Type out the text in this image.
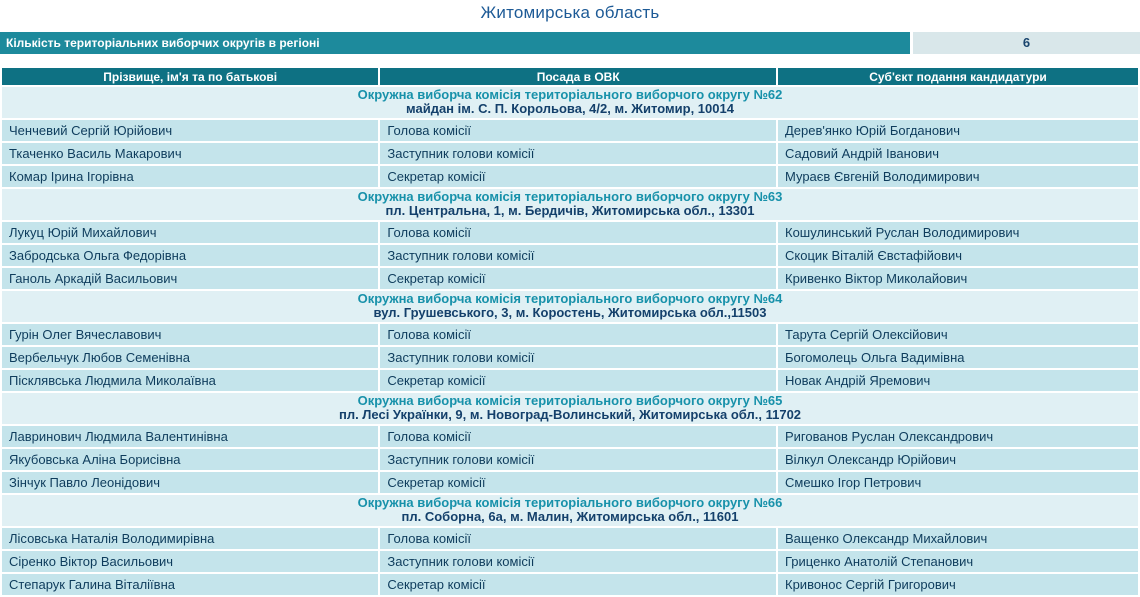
Житомирська область
Кількість територіальних виборчих округів в регіоні	6
Прізвище, ім'я та по батькові	Посада в ОВК	Суб'єкт подання кандидатури

Окружна виборча комісія територіального виборчого округу №62
майдан ім. С. П. Корольова, 4/2, м. Житомир, 10014		

Ченчевий Сергій Юрійович	Голова комісії	Дерев'янко Юрій Богданович
Ткаченко Василь Макарович	Заступник голови комісії	Садовий Андрій Іванович
Комар Ірина Ігорівна	Секретар комісії	Мураєв Євгеній Володимирович

Окружна виборча комісія територіального виборчого округу №63
пл. Центральна, 1, м. Бердичів, Житомирська обл., 13301		

Лукуц Юрій Михайлович	Голова комісії	Кошулинський Руслан Володимирович
Забродська Ольга Федорівна	Заступник голови комісії	Скоцик Віталій Євстафійович
Ганоль Аркадій Васильович	Секретар комісії	Кривенко Віктор Миколайович

Окружна виборча комісія територіального виборчого округу №64
вул. Грушевського, 3, м. Коростень, Житомирська обл.,11503		

Гурін Олег Вячеславович	Голова комісії	Тарута Сергій Олексійович
Вербельчук Любов Семенівна	Заступник голови комісії	Богомолець Ольга Вадимівна
Пісклявська Людмила Миколаївна	Секретар комісії	Новак Андрій Яремович

Окружна виборча комісія територіального виборчого округу №65
пл. Лесі Українки, 9, м. Новоград-Волинський, Житомирська обл., 11702		

Лавринович Людмила Валентинівна	Голова комісії	Ригованов Руслан Олександрович
Якубовська Аліна Борисівна	Заступник голови комісії	Вілкул Олександр Юрійович
Зінчук Павло Леонідович	Секретар комісії	Смешко Ігор Петрович

Окружна виборча комісія територіального виборчого округу №66
пл. Соборна, 6а, м. Малин, Житомирська обл., 11601		

Лісовська Наталія Володимирівна	Голова комісії	Ващенко Олександр Михайлович
Сіренко Віктор Васильович	Заступник голови комісії	Гриценко Анатолій Степанович
Степарук Галина Віталіївна	Секретар комісії	Кривонос Сергій Григорович
